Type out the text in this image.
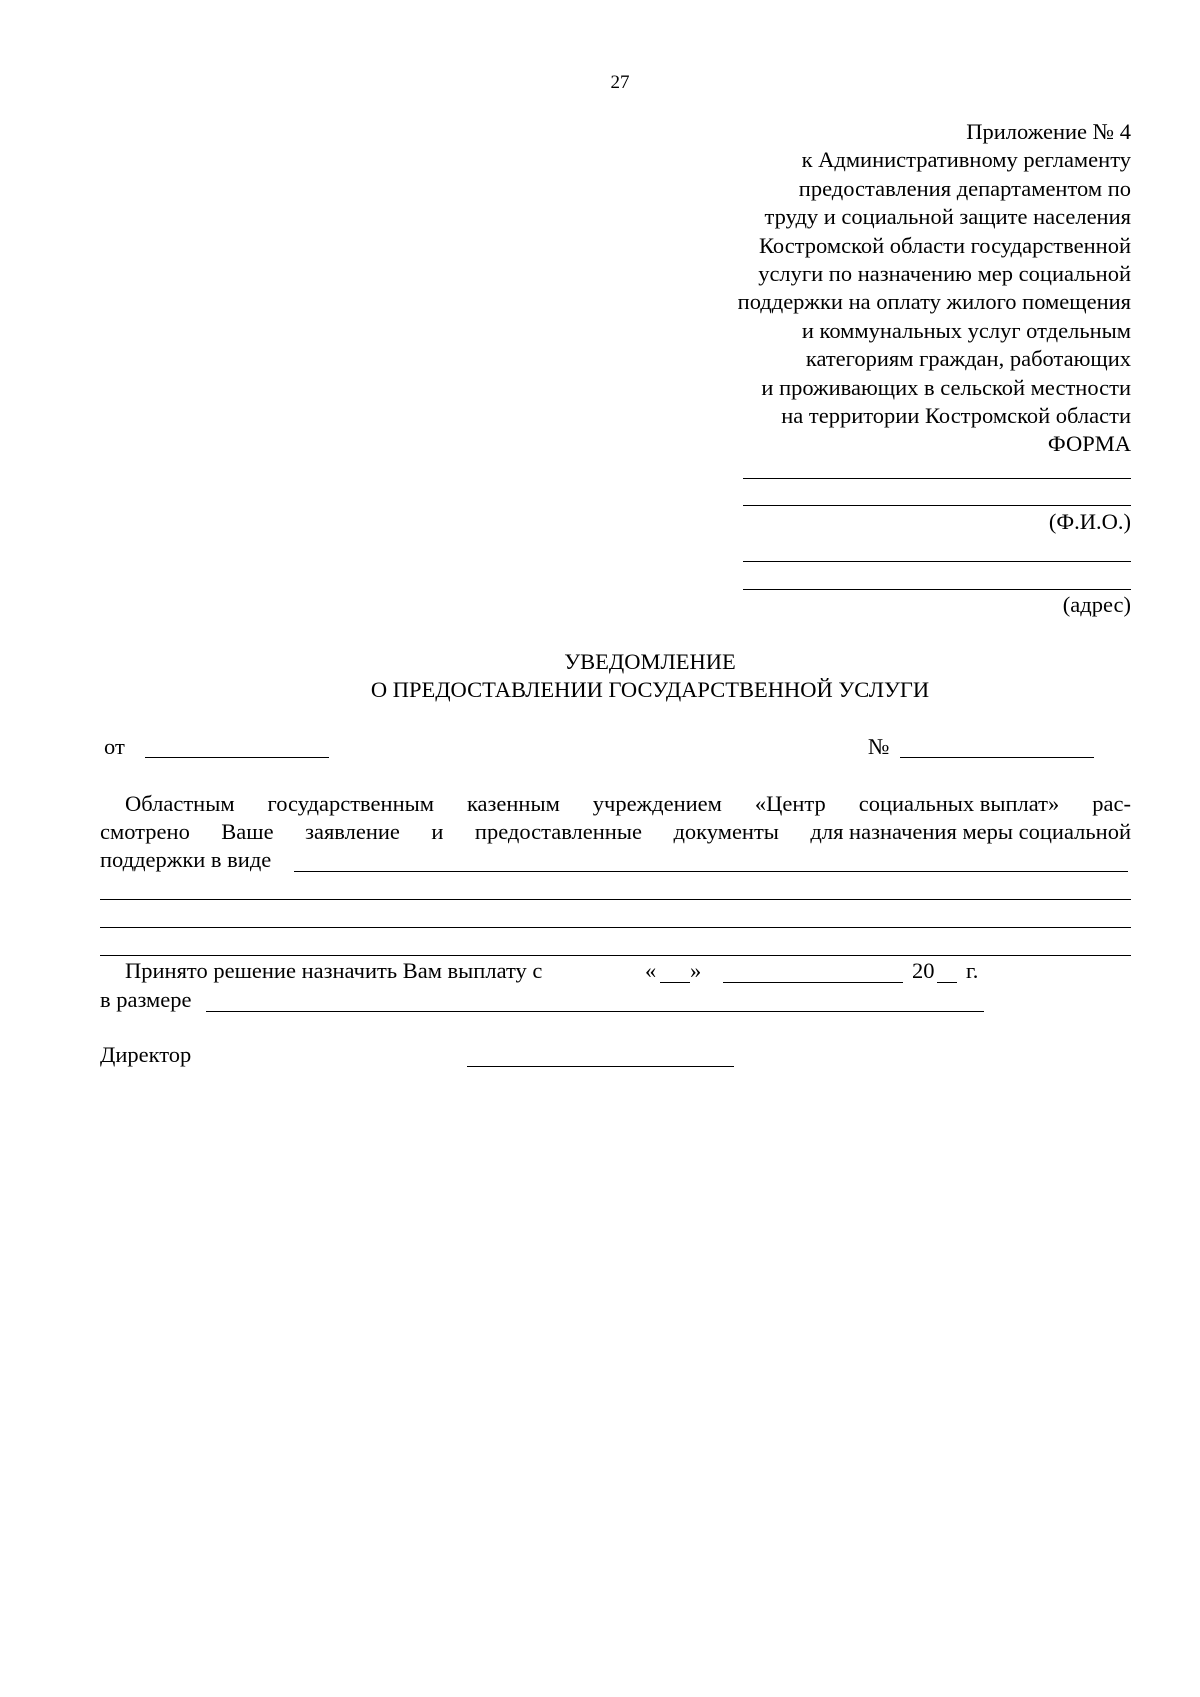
27
Приложение № 4
к Административному регламенту
предоставления департаментом по
труду и социальной защите населения
Костромской области государственной
услуги по назначению мер социальной
поддержки на оплату жилого помещения
и коммунальных услуг отдельным
категориям граждан, работающих
и проживающих в сельской местности
на территории Костромской области
ФОРМА
(Ф.И.О.)
(адрес)
УВЕДОМЛЕНИЕ
О ПРЕДОСТАВЛЕНИИ ГОСУДАРСТВЕННОЙ УСЛУГИ
от	№
Областным государственным казенным учреждением «Центр социальных выплат» рас-
смотрено Ваше заявление и предоставленные документы для назначения меры социальной
поддержки в виде
Принято решение назначить Вам выплату с	« »	20 г.
в размере
Директор
